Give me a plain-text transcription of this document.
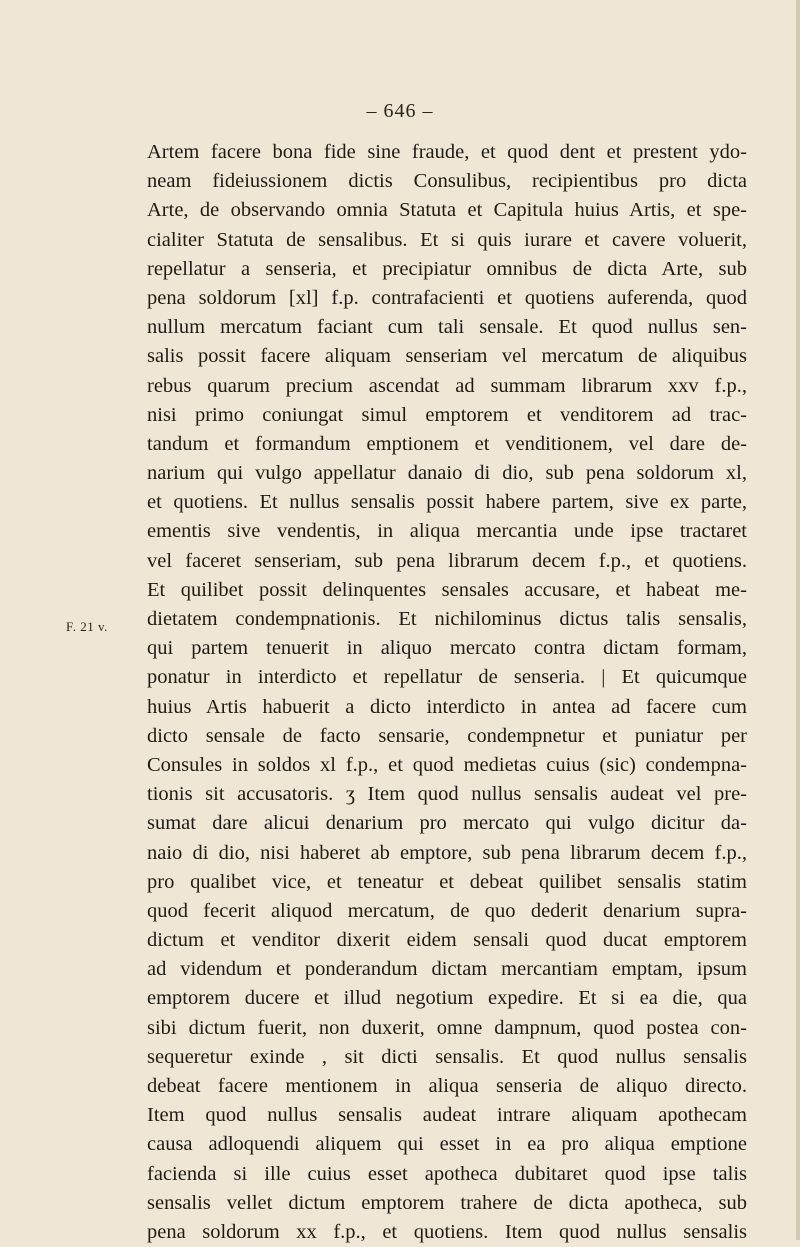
– 646 –
F. 21 v.
Artem facere bona fide sine fraude, et quod dent et prestent ydo-
neam fideiussionem dictis Consulibus, recipientibus pro dicta
Arte, de observando omnia Statuta et Capitula huius Artis, et spe-
cialiter Statuta de sensalibus. Et si quis iurare et cavere voluerit,
repellatur a senseria, et precipiatur omnibus de dicta Arte, sub
pena soldorum [xl] f.p. contrafacienti et quotiens auferenda, quod
nullum mercatum faciant cum tali sensale. Et quod nullus sen-
salis possit facere aliquam senseriam vel mercatum de aliquibus
rebus quarum precium ascendat ad summam librarum xxv f.p.,
nisi primo coniungat simul emptorem et venditorem ad trac-
tandum et formandum emptionem et venditionem, vel dare de-
narium qui vulgo appellatur danaio di dio, sub pena soldorum xl,
et quotiens. Et nullus sensalis possit habere partem, sive ex parte,
ementis sive vendentis, in aliqua mercantia unde ipse tractaret
vel faceret senseriam, sub pena librarum decem f.p., et quotiens.
Et quilibet possit delinquentes sensales accusare, et habeat me-
dietatem condempnationis. Et nichilominus dictus talis sensalis,
qui partem tenuerit in aliquo mercato contra dictam formam,
ponatur in interdicto et repellatur de senseria. | Et quicumque
huius Artis habuerit a dicto interdicto in antea ad facere cum
dicto sensale de facto sensarie, condempnetur et puniatur per
Consules in soldos xl f.p., et quod medietas cuius (sic) condempna-
tionis sit accusatoris. ʒ Item quod nullus sensalis audeat vel pre-
sumat dare alicui denarium pro mercato qui vulgo dicitur da-
naio di dio, nisi haberet ab emptore, sub pena librarum decem f.p.,
pro qualibet vice, et teneatur et debeat quilibet sensalis statim
quod fecerit aliquod mercatum, de quo dederit denarium supra-
dictum et venditor dixerit eidem sensali quod ducat emptorem
ad videndum et ponderandum dictam mercantiam emptam, ipsum
emptorem ducere et illud negotium expedire. Et si ea die, qua
sibi dictum fuerit, non duxerit, omne dampnum, quod postea con-
sequeretur exinde , sit dicti sensalis. Et quod nullus sensalis
debeat facere mentionem in aliqua senseria de aliquo directo.
Item quod nullus sensalis audeat intrare aliquam apothecam
causa adloquendi aliquem qui esset in ea pro aliqua emptione
facienda si ille cuius esset apotheca dubitaret quod ipse talis
sensalis vellet dictum emptorem trahere de dicta apotheca, sub
pena soldorum xx f.p., et quotiens. Item quod nullus sensalis
